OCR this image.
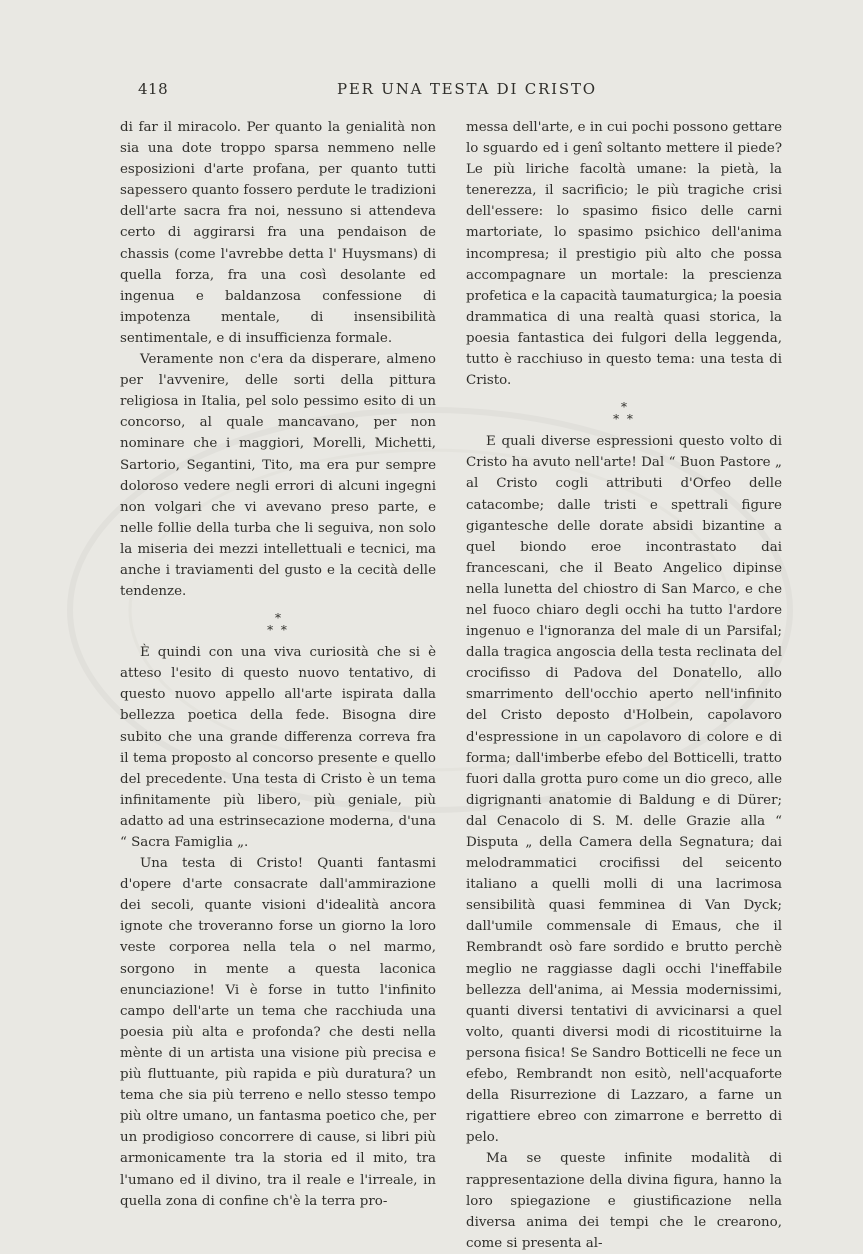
418	PER UNA TESTA DI CRISTO

di far il miracolo. Per quanto la genialità non sia una dote troppo sparsa nemmeno nelle esposizioni d'arte profana, per quanto tutti sapessero quanto fossero perdute le tradizioni dell'arte sacra fra noi, nessuno si attendeva certo di aggirarsi fra una pendaison de chassis (come l'avrebbe detta l' Huysmans) di quella forza, fra una così desolante ed ingenua e baldanzosa confessione di impotenza mentale, di insensibilità sentimentale, e di insufficienza formale.

Veramente non c'era da disperare, almeno per l'avvenire, delle sorti della pittura religiosa in Italia, pel solo pessimo esito di un concorso, al quale mancavano, per non nominare che i maggiori, Morelli, Michetti, Sartorio, Segantini, Tito, ma era pur sempre doloroso vedere negli errori di alcuni ingegni non volgari che vi avevano preso parte, e nelle follie della turba che li seguiva, non solo la miseria dei mezzi intellettuali e tecnici, ma anche i traviamenti del gusto e la cecità delle tendenze.

*
* *

È quindi con una viva curiosità che si è atteso l'esito di questo nuovo tentativo, di questo nuovo appello all'arte ispirata dalla bellezza poetica della fede. Bisogna dire subito che una grande differenza correva fra il tema proposto al concorso presente e quello del precedente. Una testa di Cristo è un tema infinitamente più libero, più geniale, più adatto ad una estrinsecazione moderna, d'una “ Sacra Famiglia „.

Una testa di Cristo! Quanti fantasmi d'opere d'arte consacrate dall'ammirazione dei secoli, quante visioni d'idealità ancora ignote che troveranno forse un giorno la loro veste corporea nella tela o nel marmo, sorgono in mente a questa laconica enunciazione! Vi è forse in tutto l'infinito campo dell'arte un tema che racchiuda una poesia più alta e profonda? che desti nella mènte di un artista una visione più precisa e più fluttuante, più rapida e più duratura? un tema che sia più terreno e nello stesso tempo più oltre umano, un fantasma poetico che, per un prodigioso concorrere di cause, si libri più armonicamente tra la storia ed il mito, tra l'umano ed il divino, tra il reale e l'irreale, in quella zona di confine ch'è la terra pro-

messa dell'arte, e in cui pochi possono gettare lo sguardo ed i genî soltanto mettere il piede? Le più liriche facoltà umane: la pietà, la tenerezza, il sacrificio; le più tragiche crisi dell'essere: lo spasimo fisico delle carni martoriate, lo spasimo psichico dell'anima incompresa; il prestigio più alto che possa accompagnare un mortale: la prescienza profetica e la capacità taumaturgica; la poesia drammatica di una realtà quasi storica, la poesia fantastica dei fulgori della leggenda, tutto è racchiuso in questo tema: una testa di Cristo.

*
* *

E quali diverse espressioni questo volto di Cristo ha avuto nell'arte! Dal “ Buon Pastore „ al Cristo cogli attributi d'Orfeo delle catacombe; dalle tristi e spettrali figure gigantesche delle dorate absidi bizantine a quel biondo eroe incontrastato dai francescani, che il Beato Angelico dipinse nella lunetta del chiostro di San Marco, e che nel fuoco chiaro degli occhi ha tutto l'ardore ingenuo e l'ignoranza del male di un Parsifal; dalla tragica angoscia della testa reclinata del crocifisso di Padova del Donatello, allo smarrimento dell'occhio aperto nell'infinito del Cristo deposto d'Holbein, capolavoro d'espressione in un capolavoro di colore e di forma; dall'imberbe efebo del Botticelli, tratto fuori dalla grotta puro come un dio greco, alle digrignanti anatomie di Baldung e di Dürer; dal Cenacolo di S. M. delle Grazie alla “ Disputa „ della Camera della Segnatura; dai melodrammatici crocifissi del seicento italiano a quelli molli di una lacrimosa sensibilità quasi femminea di Van Dyck; dall'umile commensale di Emaus, che il Rembrandt osò fare sordido e brutto perchè meglio ne raggiasse dagli occhi l'ineffabile bellezza dell'anima, ai Messia modernissimi, quanti diversi tentativi di avvicinarsi a quel volto, quanti diversi modi di ricostituirne la persona fisica! Se Sandro Botticelli ne fece un efebo, Rembrandt non esitò, nell'acquaforte della Risurrezione di Lazzaro, a farne un rigattiere ebreo con zimarrone e berretto di pelo.

Ma se queste infinite modalità di rappresentazione della divina figura, hanno la loro spiegazione e giustificazione nella diversa anima dei tempi che le crearono, come si presenta al-
